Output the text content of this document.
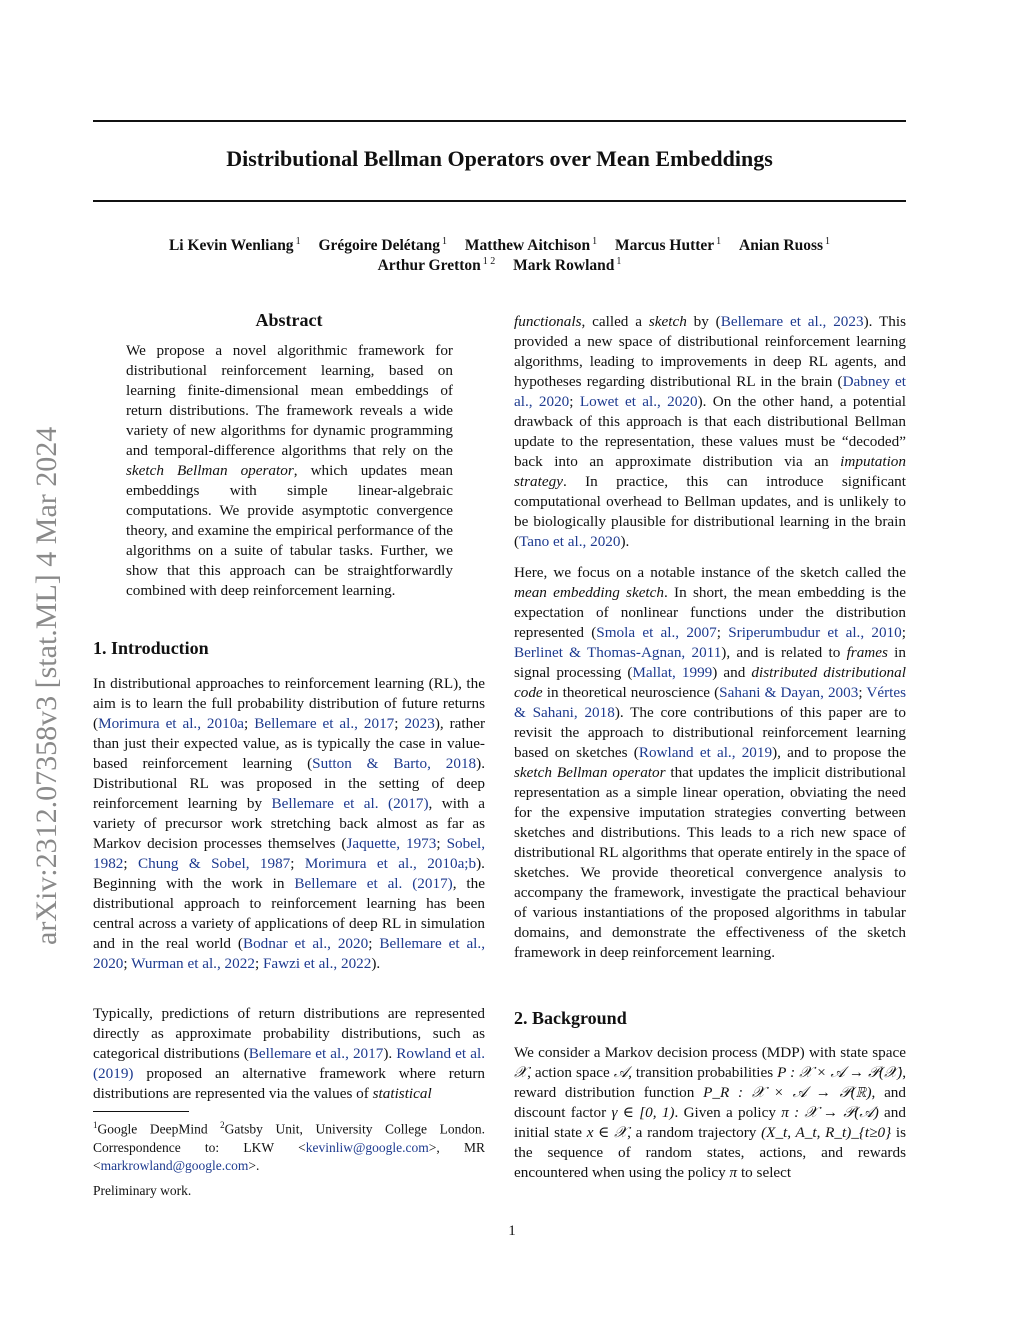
Distributional Bellman Operators over Mean Embeddings
Li Kevin Wenliang $^1$ Grégoire Delétang $^1$ Matthew Aitchison $^1$ Marcus Hutter $^1$ Anian Ruoss $^1$
Arthur Gretton $^{1 2}$ Mark Rowland $^1$
arXiv:2312.07358v3 [stat.ML] 4 Mar 2024
Abstract
We propose a novel algorithmic framework for distributional reinforcement learning, based on learning finite-dimensional mean embeddings of return distributions. The framework reveals a wide variety of new algorithms for dynamic programming and temporal-difference algorithms that rely on the sketch Bellman operator, which updates mean embeddings with simple linear-algebraic computations. We provide asymptotic convergence theory, and examine the empirical performance of the algorithms on a suite of tabular tasks. Further, we show that this approach can be straightforwardly combined with deep reinforcement learning.
1. Introduction

In distributional approaches to reinforcement learning (RL), the aim is to learn the full probability distribution of future returns (Morimura et al., 2010a; Bellemare et al., 2017; 2023), rather than just their expected value, as is typically the case in value-based reinforcement learning (Sutton & Barto, 2018). Distributional RL was proposed in the setting of deep reinforcement learning by Bellemare et al. (2017), with a variety of precursor work stretching back almost as far as Markov decision processes themselves (Jaquette, 1973; Sobel, 1982; Chung & Sobel, 1987; Morimura et al., 2010a;b). Beginning with the work in Bellemare et al. (2017), the distributional approach to reinforcement learning has been central across a variety of applications of deep RL in simulation and in the real world (Bodnar et al., 2020; Bellemare et al., 2020; Wurman et al., 2022; Fawzi et al., 2022).

Typically, predictions of return distributions are represented directly as approximate probability distributions, such as categorical distributions (Bellemare et al., 2017). Rowland et al. (2019) proposed an alternative framework where return distributions are represented via the values of statistical

functionals, called a sketch by (Bellemare et al., 2023). This provided a new space of distributional reinforcement learning algorithms, leading to improvements in deep RL agents, and hypotheses regarding distributional RL in the brain (Dabney et al., 2020; Lowet et al., 2020). On the other hand, a potential drawback of this approach is that each distributional Bellman update to the representation, these values must be “decoded” back into an approximate distribution via an imputation strategy. In practice, this can introduce significant computational overhead to Bellman updates, and is unlikely to be biologically plausible for distributional learning in the brain (Tano et al., 2020).

Here, we focus on a notable instance of the sketch called the mean embedding sketch. In short, the mean embedding is the expectation of nonlinear functions under the distribution represented (Smola et al., 2007; Sriperumbudur et al., 2010; Berlinet & Thomas-Agnan, 2011), and is related to frames in signal processing (Mallat, 1999) and distributed distributional code in theoretical neuroscience (Sahani & Dayan, 2003; Vértes & Sahani, 2018). The core contributions of this paper are to revisit the approach to distributional reinforcement learning based on sketches (Rowland et al., 2019), and to propose the sketch Bellman operator that updates the implicit distributional representation as a simple linear operation, obviating the need for the expensive imputation strategies converting between sketches and distributions. This leads to a rich new space of distributional RL algorithms that operate entirely in the space of sketches. We provide theoretical convergence analysis to accompany the framework, investigate the practical behaviour of various instantiations of the proposed algorithms in tabular domains, and demonstrate the effectiveness of the sketch framework in deep reinforcement learning.

2. Background

We consider a Markov decision process (MDP) with state space 𝒳, action space 𝒜, transition probabilities P : 𝒳 × 𝒜 → 𝒫(𝒳), reward distribution function P_R : 𝒳 × 𝒜 → 𝒫(ℝ), and discount factor γ ∈ [0, 1). Given a policy π : 𝒳 → 𝒫(𝒜) and initial state x ∈ 𝒳, a random trajectory (X_t, A_t, R_t)_{t≥0} is the sequence of random states, actions, and rewards encountered when using the policy π to select

$^1$Google DeepMind $^2$Gatsby Unit, University College London. Correspondence to: LKW <kevinliw@google.com>, MR <markrowland@google.com>.
Preliminary work.
1
